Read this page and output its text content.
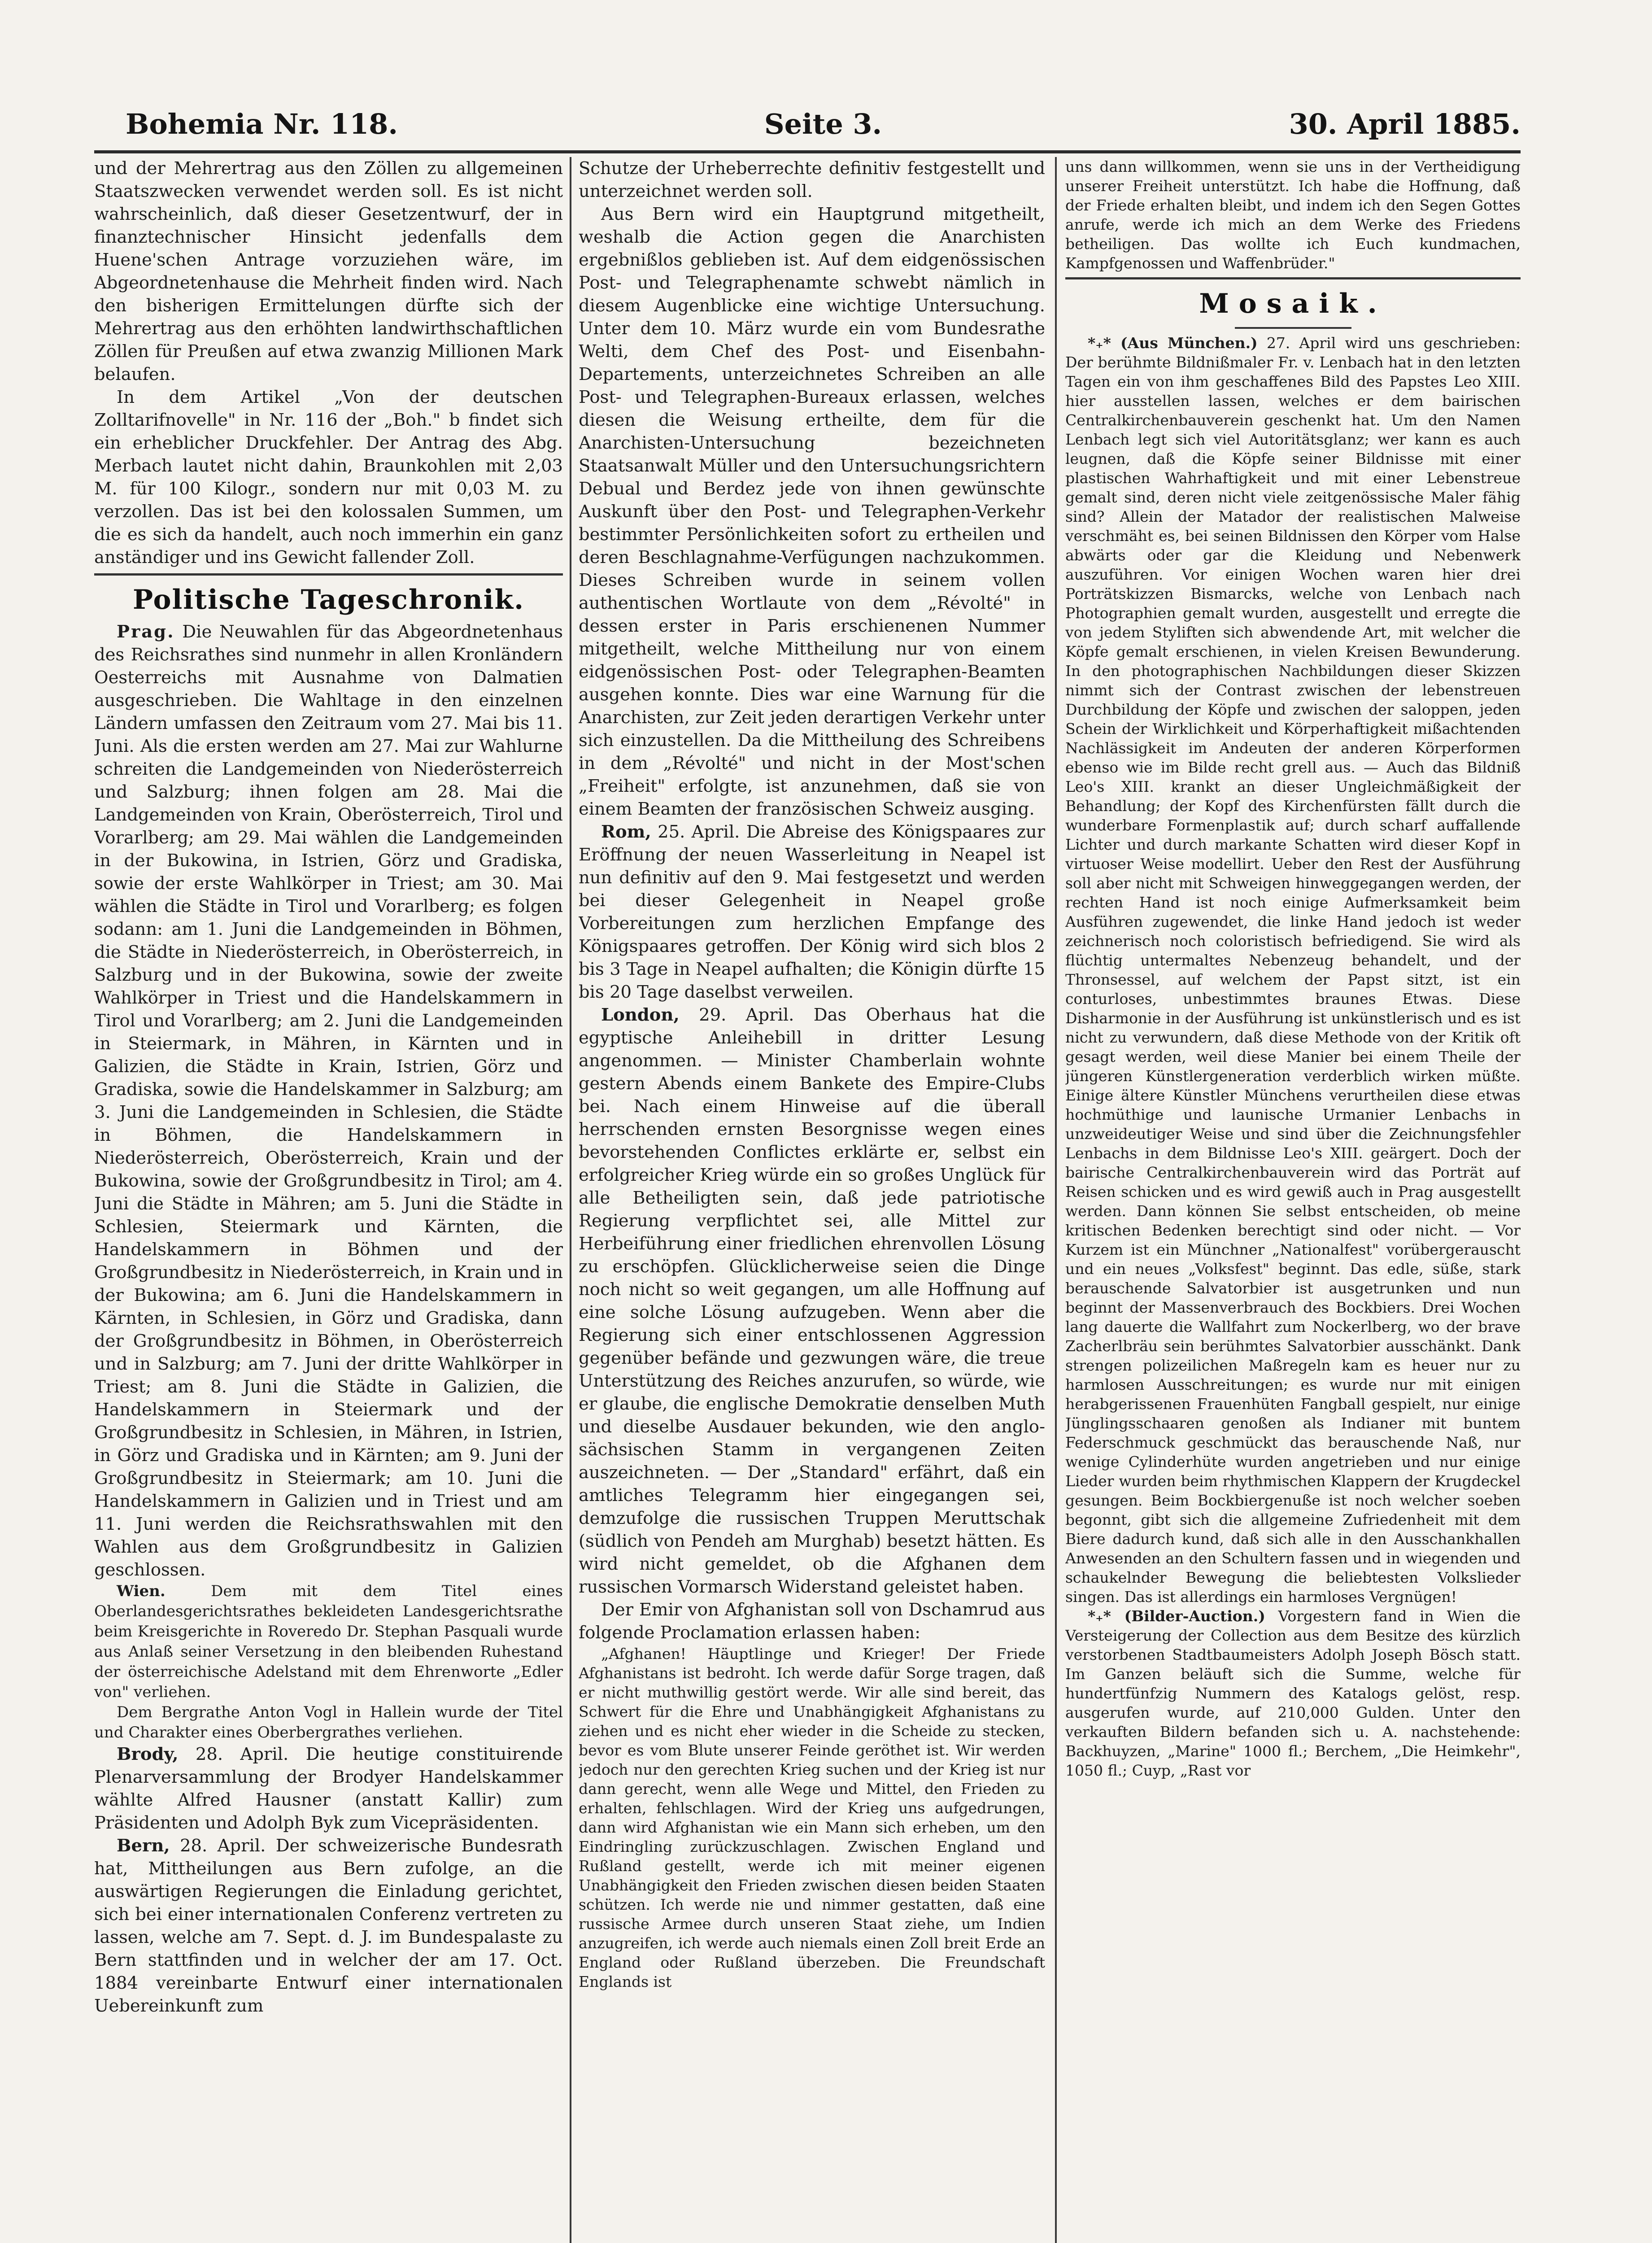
Bohemia Nr. 118.	Seite 3.	30. April 1885.

und der Mehrertrag aus den Zöllen zu allgemeinen Staatszwecken verwendet werden soll. Es ist nicht wahrscheinlich, daß dieser Gesetzentwurf, der in finanztechnischer Hinsicht jedenfalls dem Huene'schen Antrage vorzuziehen wäre, im Abgeordnetenhause die Mehrheit finden wird. Nach den bisherigen Ermittelungen dürfte sich der Mehrertrag aus den erhöhten landwirthschaftlichen Zöllen für Preußen auf etwa zwanzig Millionen Mark belaufen.

In dem Artikel „Von der deutschen Zolltarifnovelle" in Nr. 116 der „Boh." b findet sich ein erheblicher Druckfehler. Der Antrag des Abg. Merbach lautet nicht dahin, Braunkohlen mit 2,03 M. für 100 Kilogr., sondern nur mit 0,03 M. zu verzollen. Das ist bei den kolossalen Summen, um die es sich da handelt, auch noch immerhin ein ganz anständiger und ins Gewicht fallender Zoll.

Politische Tageschronik.

Prag. Die Neuwahlen für das Abgeordnetenhaus des Reichsrathes sind nunmehr in allen Kronländern Oesterreichs mit Ausnahme von Dalmatien ausgeschrieben. Die Wahltage in den einzelnen Ländern umfassen den Zeitraum vom 27. Mai bis 11. Juni. Als die ersten werden am 27. Mai zur Wahlurne schreiten die Landgemeinden von Niederösterreich und Salzburg; ihnen folgen am 28. Mai die Landgemeinden von Krain, Oberösterreich, Tirol und Vorarlberg; am 29. Mai wählen die Landgemeinden in der Bukowina, in Istrien, Görz und Gradiska, sowie der erste Wahlkörper in Triest; am 30. Mai wählen die Städte in Tirol und Vorarlberg; es folgen sodann: am 1. Juni die Landgemeinden in Böhmen, die Städte in Niederösterreich, in Oberösterreich, in Salzburg und in der Bukowina, sowie der zweite Wahlkörper in Triest und die Handelskammern in Tirol und Vorarlberg; am 2. Juni die Landgemeinden in Steiermark, in Mähren, in Kärnten und in Galizien, die Städte in Krain, Istrien, Görz und Gradiska, sowie die Handelskammer in Salzburg; am 3. Juni die Landgemeinden in Schlesien, die Städte in Böhmen, die Handelskammern in Niederösterreich, Oberösterreich, Krain und der Bukowina, sowie der Großgrundbesitz in Tirol; am 4. Juni die Städte in Mähren; am 5. Juni die Städte in Schlesien, Steiermark und Kärnten, die Handelskammern in Böhmen und der Großgrundbesitz in Niederösterreich, in Krain und in der Bukowina; am 6. Juni die Handelskammern in Kärnten, in Schlesien, in Görz und Gradiska, dann der Großgrundbesitz in Böhmen, in Oberösterreich und in Salzburg; am 7. Juni der dritte Wahlkörper in Triest; am 8. Juni die Städte in Galizien, die Handelskammern in Steiermark und der Großgrundbesitz in Schlesien, in Mähren, in Istrien, in Görz und Gradiska und in Kärnten; am 9. Juni der Großgrundbesitz in Steiermark; am 10. Juni die Handelskammern in Galizien und in Triest und am 11. Juni werden die Reichsrathswahlen mit den Wahlen aus dem Großgrundbesitz in Galizien geschlossen.

Wien.	Dem mit dem Titel eines Oberlandesgerichtsrathes bekleideten Landesgerichtsrathe beim Kreisgerichte in Roveredo Dr. Stephan Pasquali wurde aus Anlaß seiner Versetzung in den bleibenden Ruhestand der österreichische Adelstand mit dem Ehrenworte „Edler von" verliehen.

Dem Bergrathe Anton Vogl in Hallein wurde der Titel und Charakter eines Oberbergrathes verliehen.

Brody, 28. April. Die heutige constituirende Plenarversammlung der Brodyer Handelskammer wählte Alfred Hausner (anstatt Kallir) zum Präsidenten und Adolph Byk zum Vicepräsidenten.

Bern, 28. April. Der schweizerische Bundesrath hat, Mittheilungen aus Bern zufolge, an die auswärtigen Regierungen die Einladung gerichtet, sich bei einer internationalen Conferenz vertreten zu lassen, welche am 7. Sept. d. J. im Bundespalaste zu Bern stattfinden und in welcher der am 17. Oct. 1884 vereinbarte Entwurf einer internationalen Uebereinkunft zum

Schutze der Urheberrechte definitiv festgestellt und unterzeichnet werden soll.

Aus Bern wird ein Hauptgrund mitgetheilt, weshalb die Action gegen die Anarchisten ergebnißlos geblieben ist. Auf dem eidgenössischen Post- und Telegraphenamte schwebt nämlich in diesem Augenblicke eine wichtige Untersuchung. Unter dem 10. März wurde ein vom Bundesrathe Welti, dem Chef des Post- und Eisenbahn-Departements, unterzeichnetes Schreiben an alle Post- und Telegraphen-Bureaux erlassen, welches diesen die Weisung ertheilte, dem für die Anarchisten-Untersuchung bezeichneten Staatsanwalt Müller und den Untersuchungsrichtern Debual und Berdez jede von ihnen gewünschte Auskunft über den Post- und Telegraphen-Verkehr bestimmter Persönlichkeiten sofort zu ertheilen und deren Beschlagnahme-Verfügungen nachzukommen. Dieses Schreiben wurde in seinem vollen authentischen Wortlaute von dem „Révolté" in dessen erster in Paris erschienenen Nummer mitgetheilt, welche Mittheilung nur von einem eidgenössischen Post- oder Telegraphen-Beamten ausgehen konnte. Dies war eine Warnung für die Anarchisten, zur Zeit jeden derartigen Verkehr unter sich einzustellen. Da die Mittheilung des Schreibens in dem „Révolté" und nicht in der Most'schen „Freiheit" erfolgte, ist anzunehmen, daß sie von einem Beamten der französischen Schweiz ausging.

Rom, 25. April. Die Abreise des Königspaares zur Eröffnung der neuen Wasserleitung in Neapel ist nun definitiv auf den 9. Mai festgesetzt und werden bei dieser Gelegenheit in Neapel große Vorbereitungen zum herzlichen Empfange des Königspaares getroffen. Der König wird sich blos 2 bis 3 Tage in Neapel aufhalten; die Königin dürfte 15 bis 20 Tage daselbst verweilen.

London, 29. April. Das Oberhaus hat die egyptische Anleihebill in dritter Lesung angenommen. — Minister Chamberlain wohnte gestern Abends einem Bankete des Empire-Clubs bei. Nach einem Hinweise auf die überall herrschenden ernsten Besorgnisse wegen eines bevorstehenden Conflictes erklärte er, selbst ein erfolgreicher Krieg würde ein so großes Unglück für alle Betheiligten sein, daß jede patriotische Regierung verpflichtet sei, alle Mittel zur Herbeiführung einer friedlichen ehrenvollen Lösung zu erschöpfen. Glücklicherweise seien die Dinge noch nicht so weit gegangen, um alle Hoffnung auf eine solche Lösung aufzugeben. Wenn aber die Regierung sich einer entschlossenen Aggression gegenüber befände und gezwungen wäre, die treue Unterstützung des Reiches anzurufen, so würde, wie er glaube, die englische Demokratie denselben Muth und dieselbe Ausdauer bekunden, wie den anglo-sächsischen Stamm in vergangenen Zeiten auszeichneten. — Der „Standard" erfährt, daß ein amtliches Telegramm hier eingegangen sei, demzufolge die russischen Truppen Meruttschak (südlich von Pendeh am Murghab) besetzt hätten. Es wird nicht gemeldet, ob die Afghanen dem russischen Vormarsch Widerstand geleistet haben.

Der Emir von Afghanistan soll von Dschamrud aus folgende Proclamation erlassen haben:

„Afghanen! Häuptlinge und Krieger! Der Friede Afghanistans ist bedroht. Ich werde dafür Sorge tragen, daß er nicht muthwillig gestört werde. Wir alle sind bereit, das Schwert für die Ehre und Unabhängigkeit Afghanistans zu ziehen und es nicht eher wieder in die Scheide zu stecken, bevor es vom Blute unserer Feinde geröthet ist. Wir werden jedoch nur den gerechten Krieg suchen und der Krieg ist nur dann gerecht, wenn alle Wege und Mittel, den Frieden zu erhalten, fehlschlagen. Wird der Krieg uns aufgedrungen, dann wird Afghanistan wie ein Mann sich erheben, um den Eindringling zurückzuschlagen. Zwischen England und Rußland gestellt, werde ich mit meiner eigenen Unabhängigkeit den Frieden zwischen diesen beiden Staaten schützen. Ich werde nie und nimmer gestatten, daß eine russische Armee durch unseren Staat ziehe, um Indien anzugreifen, ich werde auch niemals einen Zoll breit Erde an England oder Rußland überzeben. Die Freundschaft Englands ist

uns dann willkommen, wenn sie uns in der Vertheidigung unserer Freiheit unterstützt. Ich habe die Hoffnung, daß der Friede erhalten bleibt, und indem ich den Segen Gottes anrufe, werde ich mich an dem Werke des Friedens betheiligen. Das wollte ich Euch kundmachen, Kampfgenossen und Waffenbrüder."

Mosaik.

*₊* (Aus München.) 27. April wird uns geschrieben: Der berühmte Bildnißmaler Fr. v. Lenbach hat in den letzten Tagen ein von ihm geschaffenes Bild des Papstes Leo XIII. hier ausstellen lassen, welches er dem bairischen Centralkirchenbauverein geschenkt hat. Um den Namen Lenbach legt sich viel Autoritätsglanz; wer kann es auch leugnen, daß die Köpfe seiner Bildnisse mit einer plastischen Wahrhaftigkeit und mit einer Lebenstreue gemalt sind, deren nicht viele zeitgenössische Maler fähig sind? Allein der Matador der realistischen Malweise verschmäht es, bei seinen Bildnissen den Körper vom Halse abwärts oder gar die Kleidung und Nebenwerk auszuführen. Vor einigen Wochen waren hier drei Porträtskizzen Bismarcks, welche von Lenbach nach Photographien gemalt wurden, ausgestellt und erregte die von jedem Styliften sich abwendende Art, mit welcher die Köpfe gemalt erschienen, in vielen Kreisen Bewunderung. In den photographischen Nachbildungen dieser Skizzen nimmt sich der Contrast zwischen der lebenstreuen Durchbildung der Köpfe und zwischen der saloppen, jeden Schein der Wirklichkeit und Körperhaftigkeit mißachtenden Nachlässigkeit im Andeuten der anderen Körperformen ebenso wie im Bilde recht grell aus. — Auch das Bildniß Leo's XIII. krankt an dieser Ungleichmäßigkeit der Behandlung; der Kopf des Kirchenfürsten fällt durch die wunderbare Formenplastik auf; durch scharf auffallende Lichter und durch markante Schatten wird dieser Kopf in virtuoser Weise modellirt. Ueber den Rest der Ausführung soll aber nicht mit Schweigen hinweggegangen werden, der rechten Hand ist noch einige Aufmerksamkeit beim Ausführen zugewendet, die linke Hand jedoch ist weder zeichnerisch noch coloristisch befriedigend. Sie wird als flüchtig untermaltes Nebenzeug behandelt, und der Thronsessel, auf welchem der Papst sitzt, ist ein conturloses, unbestimmtes braunes Etwas. Diese Disharmonie in der Ausführung ist unkünstlerisch und es ist nicht zu verwundern, daß diese Methode von der Kritik oft gesagt werden, weil diese Manier bei einem Theile der jüngeren Künstlergeneration verderblich wirken müßte. Einige ältere Künstler Münchens verurtheilen diese etwas hochmüthige und launische Urmanier Lenbachs in unzweideutiger Weise und sind über die Zeichnungsfehler Lenbachs in dem Bildnisse Leo's XIII. geärgert. Doch der bairische Centralkirchenbauverein wird das Porträt auf Reisen schicken und es wird gewiß auch in Prag ausgestellt werden. Dann können Sie selbst entscheiden, ob meine kritischen Bedenken berechtigt sind oder nicht. — Vor Kurzem ist ein Münchner „Nationalfest" vorübergerauscht und ein neues „Volksfest" beginnt. Das edle, süße, stark berauschende Salvatorbier ist ausgetrunken und nun beginnt der Massenverbrauch des Bockbiers. Drei Wochen lang dauerte die Wallfahrt zum Nockerlberg, wo der brave Zacherlbräu sein berühmtes Salvatorbier ausschänkt. Dank strengen polizeilichen Maßregeln kam es heuer nur zu harmlosen Ausschreitungen; es wurde nur mit einigen herabgerissenen Frauenhüten Fangball gespielt, nur einige Jünglingsschaaren genoßen als Indianer mit buntem Federschmuck geschmückt das berauschende Naß, nur wenige Cylinderhüte wurden angetrieben und nur einige Lieder wurden beim rhythmischen Klappern der Krugdeckel gesungen. Beim Bockbiergenuße ist noch welcher soeben begonnt, gibt sich die allgemeine Zufriedenheit mit dem Biere dadurch kund, daß sich alle in den Ausschankhallen Anwesenden an den Schultern fassen und in wiegenden und schaukelnder Bewegung die beliebtesten Volkslieder singen. Das ist allerdings ein harmloses Vergnügen!

*₊* (Bilder-Auction.) Vorgestern fand in Wien die Versteigerung der Collection aus dem Besitze des kürzlich verstorbenen Stadtbaumeisters Adolph Joseph Bösch statt. Im Ganzen beläuft sich die Summe, welche für hundertfünfzig Nummern des Katalogs gelöst, resp. ausgerufen wurde, auf 210,000 Gulden. Unter den verkauften Bildern befanden sich u. A. nachstehende: Backhuyzen, „Marine" 1000 fl.; Berchem, „Die Heimkehr", 1050 fl.; Cuyp, „Rast vor
